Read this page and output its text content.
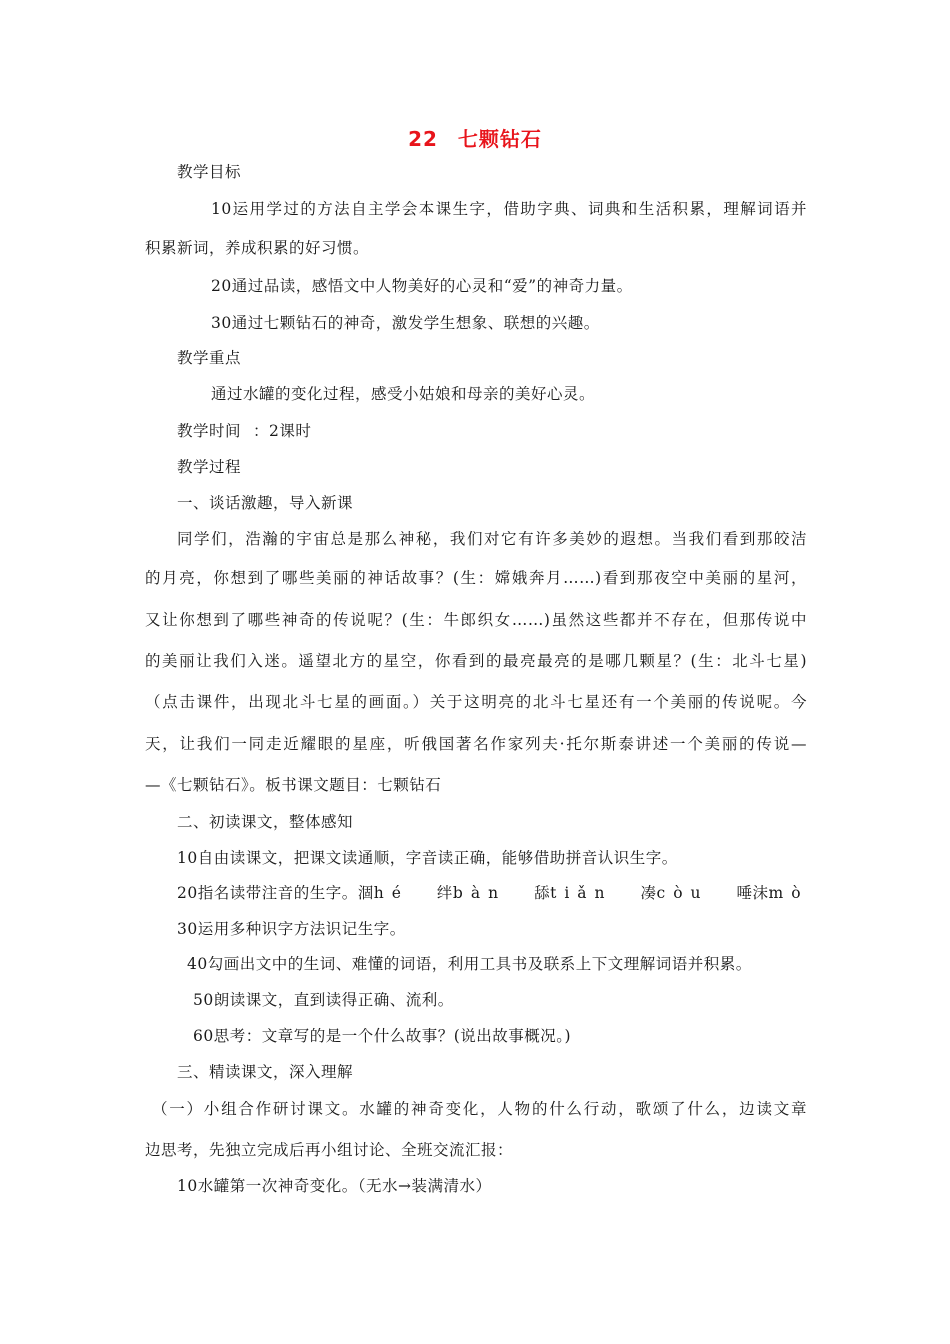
22 七颗钻石
教学目标
10运用学过的方法自主学会本课生字，借助字典、词典和生活积累，理解词语并
积累新词，养成积累的好习惯。
20通过品读，感悟文中人物美好的心灵和“爱”的神奇力量。
30通过七颗钻石的神奇，激发学生想象、联想的兴趣。
教学重点
通过水罐的变化过程，感受小姑娘和母亲的美好心灵。
教学时间 ：2课时
教学过程
一、谈话激趣，导入新课
同学们，浩瀚的宇宙总是那么神秘，我们对它有许多美妙的遐想。当我们看到那皎洁
的月亮，你想到了哪些美丽的神话故事？(生：嫦娥奔月……)看到那夜空中美丽的星河，
又让你想到了哪些神奇的传说呢？(生：牛郎织女……)虽然这些都并不存在，但那传说中
的美丽让我们入迷。遥望北方的星空，你看到的最亮最亮的是哪几颗星？(生：北斗七星)
（点击课件，出现北斗七星的画面。）关于这明亮的北斗七星还有一个美丽的传说呢。今
天，让我们一同走近耀眼的星座，听俄国著名作家列夫·托尔斯泰讲述一个美丽的传说—
—《七颗钻石》。板书课文题目：七颗钻石
二、初读课文，整体感知
10自由读课文，把课文读通顺，字音读正确，能够借助拼音认识生字。
20指名读带注音的生字。涸hé 绊bàn 舔tiǎn 凑còu 唾沫mò
30运用多种识字方法识记生字。
40勾画出文中的生词、难懂的词语，利用工具书及联系上下文理解词语并积累。
50朗读课文，直到读得正确、流利。
60思考：文章写的是一个什么故事？(说出故事概况。)
三、精读课文，深入理解
（一）小组合作研讨课文。水罐的神奇变化，人物的什么行动，歌颂了什么，边读文章
边思考，先独立完成后再小组讨论、全班交流汇报：
10水罐第一次神奇变化。（无水→装满清水）
